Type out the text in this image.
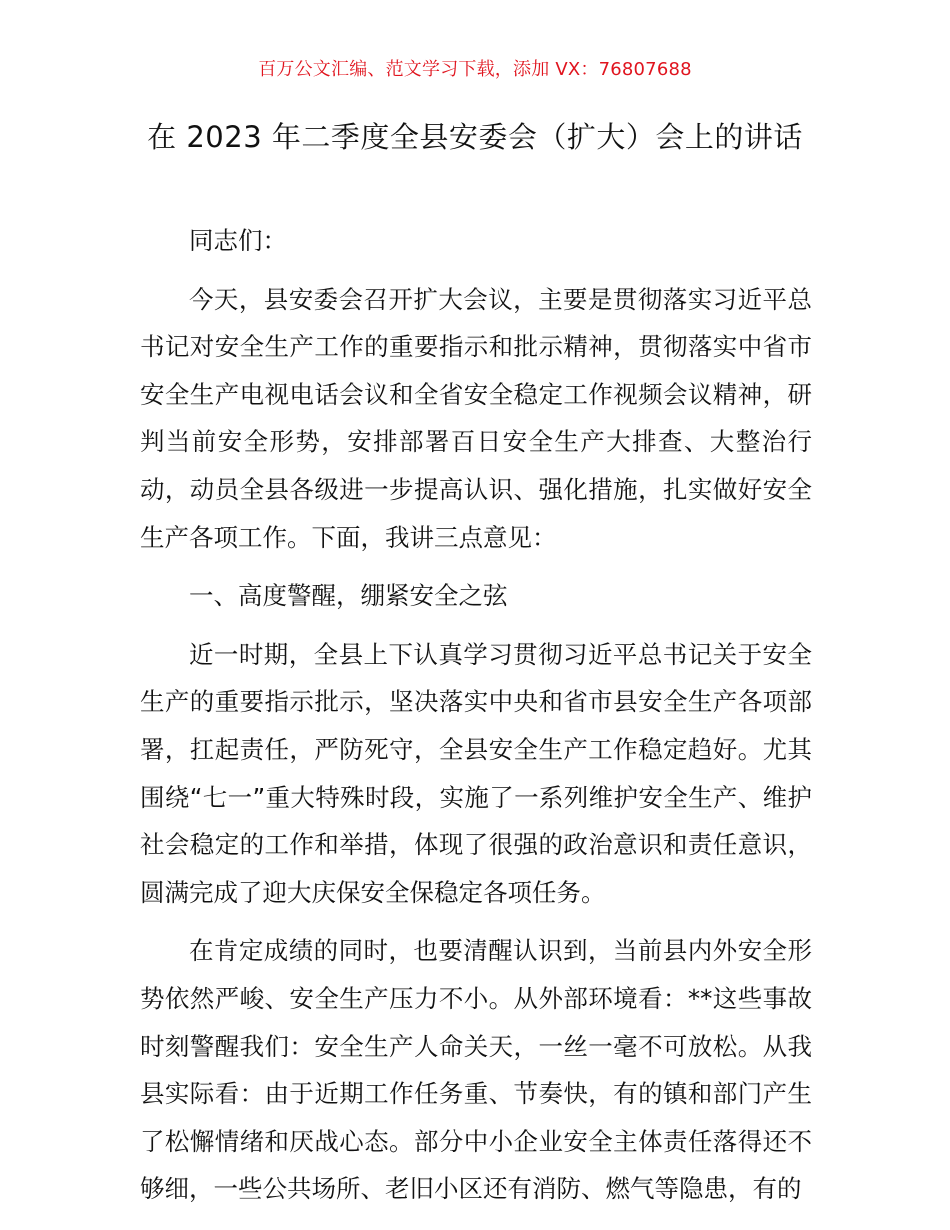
百万公文汇编、范文学习下载，添加 VX：76807688
在 2023 年二季度全县安委会（扩大）会上的讲话

同志们：

今天，县安委会召开扩大会议，主要是贯彻落实习近平总书记对安全生产工作的重要指示和批示精神，贯彻落实中省市安全生产电视电话会议和全省安全稳定工作视频会议精神，研判当前安全形势，安排部署百日安全生产大排查、大整治行动，动员全县各级进一步提高认识、强化措施，扎实做好安全生产各项工作。下面，我讲三点意见：

一、高度警醒，绷紧安全之弦

近一时期，全县上下认真学习贯彻习近平总书记关于安全生产的重要指示批示，坚决落实中央和省市县安全生产各项部署，扛起责任，严防死守，全县安全生产工作稳定趋好。尤其围绕“七一”重大特殊时段，实施了一系列维护安全生产、维护社会稳定的工作和举措，体现了很强的政治意识和责任意识，圆满完成了迎大庆保安全保稳定各项任务。

在肯定成绩的同时，也要清醒认识到，当前县内外安全形势依然严峻、安全生产压力不小。从外部环境看：**这些事故时刻警醒我们：安全生产人命关天，一丝一毫不可放松。从我县实际看：由于近期工作任务重、节奏快，有的镇和部门产生了松懈情绪和厌战心态。部分中小企业安全主体责任落得还不够细，一些公共场所、老旧小区还有消防、燃气等隐患，有的
